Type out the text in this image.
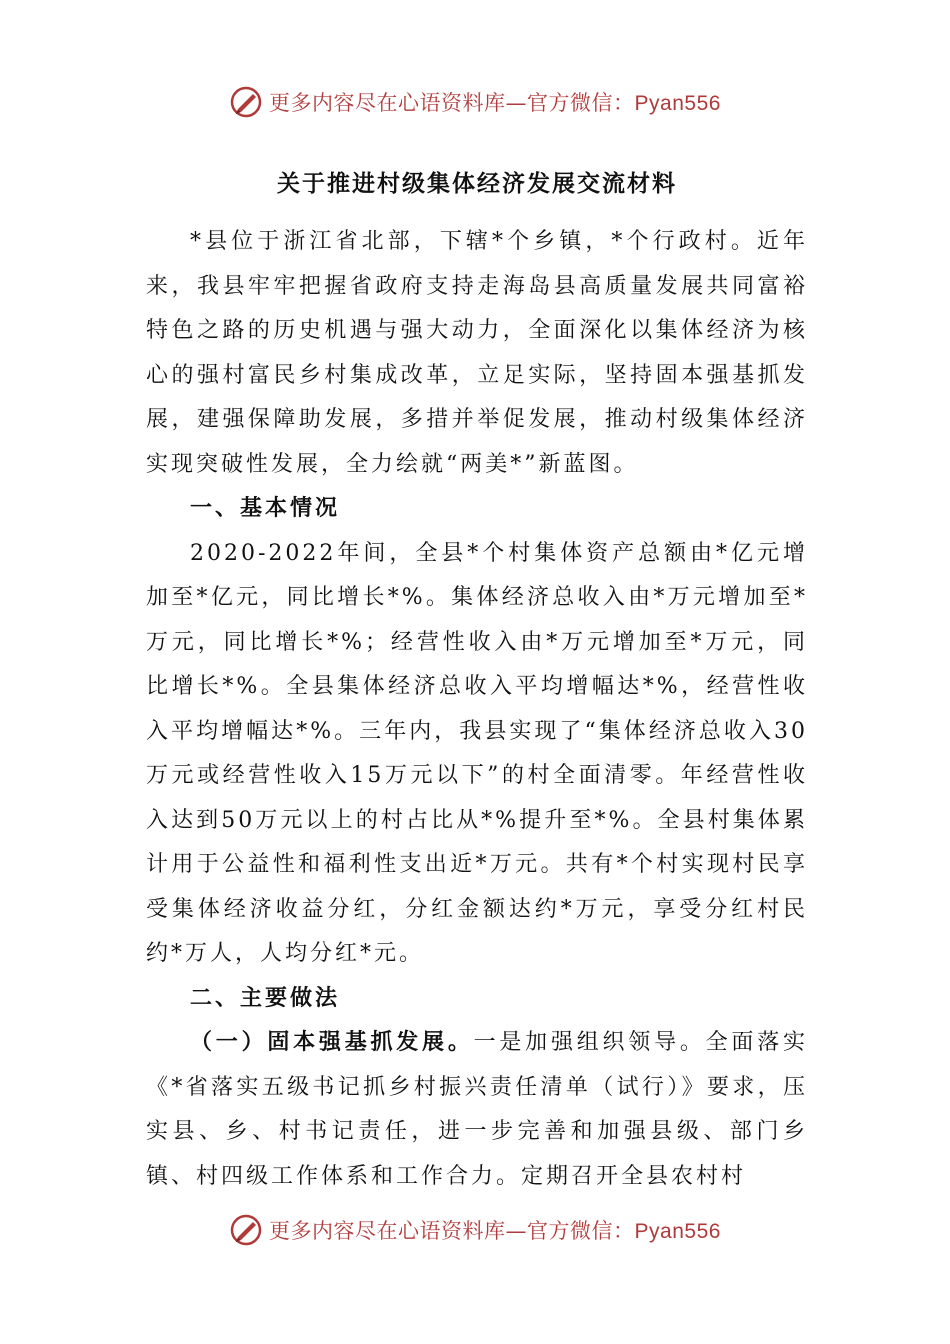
更多内容尽在心语资料库—官方微信：Pyan556
关于推进村级集体经济发展交流材料

*县位于浙江省北部，下辖*个乡镇，*个行政村。近年来，我县牢牢把握省政府支持走海岛县高质量发展共同富裕特色之路的历史机遇与强大动力，全面深化以集体经济为核心的强村富民乡村集成改革，立足实际，坚持固本强基抓发展，建强保障助发展，多措并举促发展，推动村级集体经济实现突破性发展，全力绘就“两美*”新蓝图。

一、基本情况

2020-2022年间，全县*个村集体资产总额由*亿元增加至*亿元，同比增长*%。集体经济总收入由*万元增加至*万元，同比增长*%；经营性收入由*万元增加至*万元，同比增长*%。全县集体经济总收入平均增幅达*%，经营性收入平均增幅达*%。三年内，我县实现了“集体经济总收入30万元或经营性收入15万元以下”的村全面清零。年经营性收入达到50万元以上的村占比从*%提升至*%。全县村集体累计用于公益性和福利性支出近*万元。共有*个村实现村民享受集体经济收益分红，分红金额达约*万元，享受分红村民约*万人，人均分红*元。

二、主要做法

（一）固本强基抓发展。一是加强组织领导。全面落实《*省落实五级书记抓乡村振兴责任清单（试行）》要求，压实县、乡、村书记责任，进一步完善和加强县级、部门乡镇、村四级工作体系和工作合力。定期召开全县农村村

更多内容尽在心语资料库—官方微信：Pyan556
